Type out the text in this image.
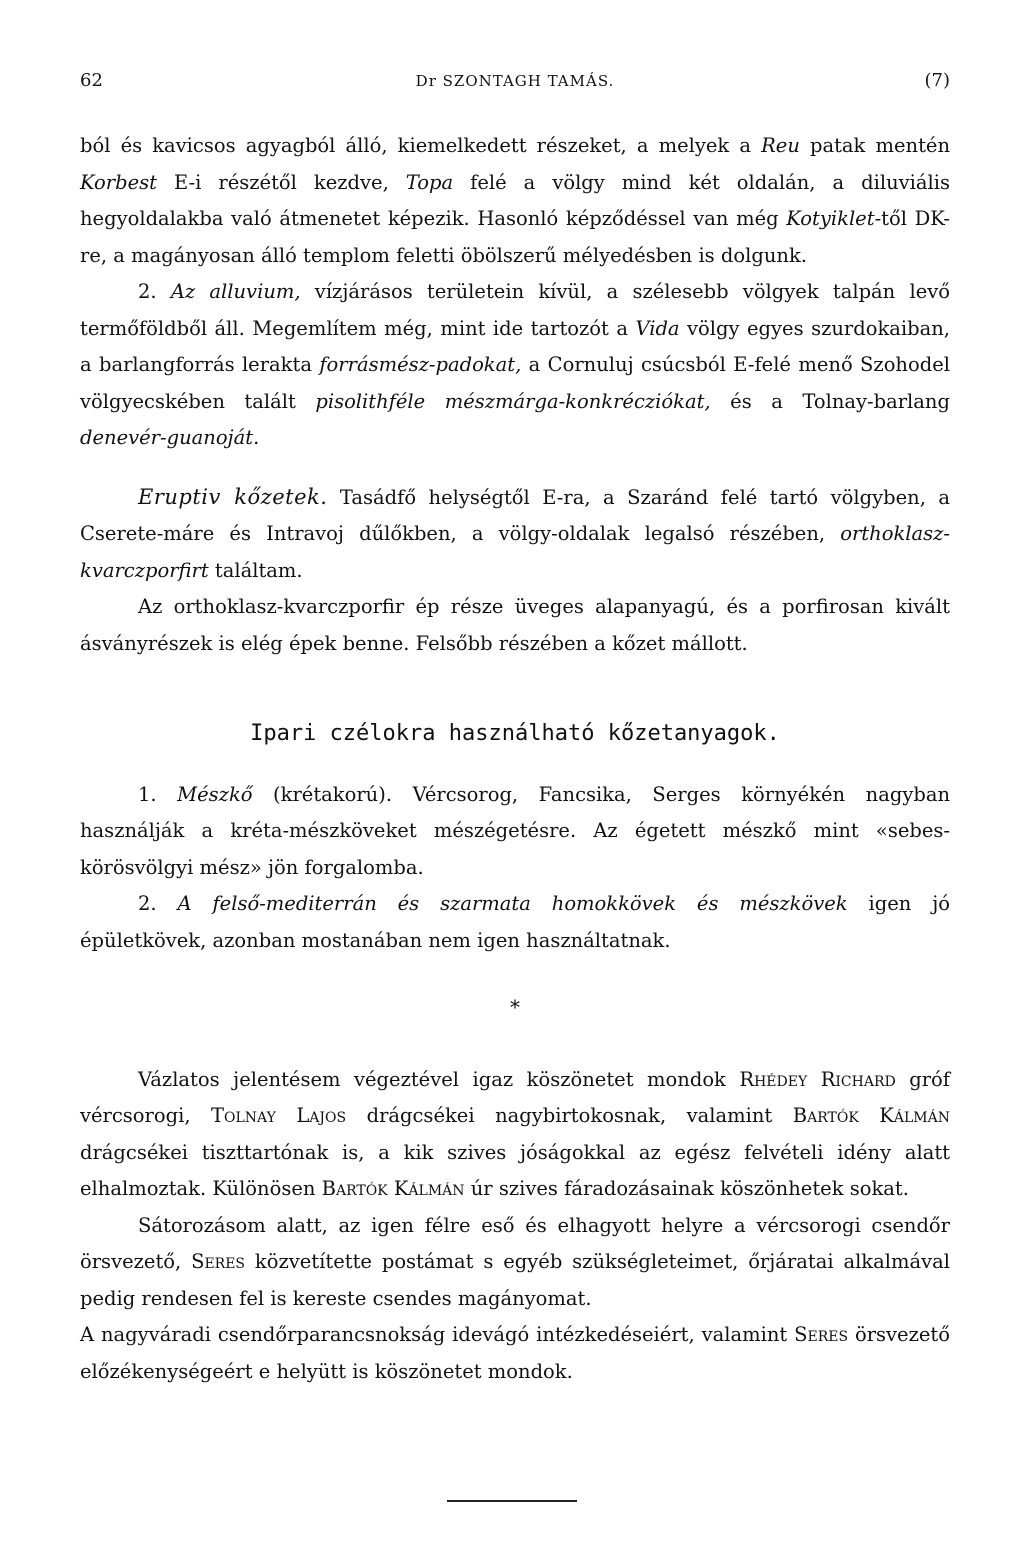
62	Dr SZONTAGH TAMÁS.	(7)

ból és kavicsos agyagból álló, kiemelkedett részeket, a melyek a Reu patak mentén Korbest E-i részétől kezdve, Topa felé a völgy mind két oldalán, a diluviális hegyoldalakba való átmenetet képezik. Hasonló képződéssel van még Kotyiklet-től DK-re, a magányosan álló templom feletti öbölszerű mélyedésben is dolgunk.

2. Az alluvium, vízjárásos területein kívül, a szélesebb völgyek talpán levő termőföldből áll. Megemlítem még, mint ide tartozót a Vida völgy egyes szurdokaiban, a barlangforrás lerakta forrásmész-padokat, a Cornuluj csúcsból E-felé menő Szohodel völgyecskében talált pisolithféle mészmárga-konkrécziókat, és a Tolnay-barlang denevér-guanoját.

Eruptiv kőzetek. Tasádfő helységtől E-ra, a Szaránd felé tartó völgyben, a Cserete-máre és Intravoj dűlőkben, a völgy-oldalak legalsó részében, orthoklasz-kvarczporfirt találtam.

Az orthoklasz-kvarczporfir ép része üveges alapanyagú, és a porfirosan kivált ásványrészek is elég épek benne. Felsőbb részében a kőzet mállott.

Ipari czélokra használható kőzetanyagok.

1. Mészkő (krétakorú). Vércsorog, Fancsika, Serges környékén nagyban használják a kréta-mészköveket mészégetésre. Az égetett mészkő mint «sebes-körösvölgyi mész» jön forgalomba.

2. A felső-mediterrán és szarmata homokkövek és mészkövek igen jó épületkövek, azonban mostanában nem igen használtatnak.

*

Vázlatos jelentésem végeztével igaz köszönetet mondok Rhédey Richard gróf vércsorogi, Tolnay Lajos drágcsékei nagybirtokosnak, valamint Bartók Kálmán drágcsékei tiszttartónak is, a kik szives jóságokkal az egész felvételi idény alatt elhalmoztak. Különösen Bartók Kálmán úr szives fáradozásainak köszönhetek sokat.

Sátorozásom alatt, az igen félre eső és elhagyott helyre a vércsorogi csendőr örsvezető, Seres közvetítette postámat s egyéb szükségleteimet, őrjáratai alkalmával pedig rendesen fel is kereste csendes magányomat.

A nagyváradi csendőrparancsnokság idevágó intézkedéseiért, valamint Seres örsvezető előzékenységeért e helyütt is köszönetet mondok.
